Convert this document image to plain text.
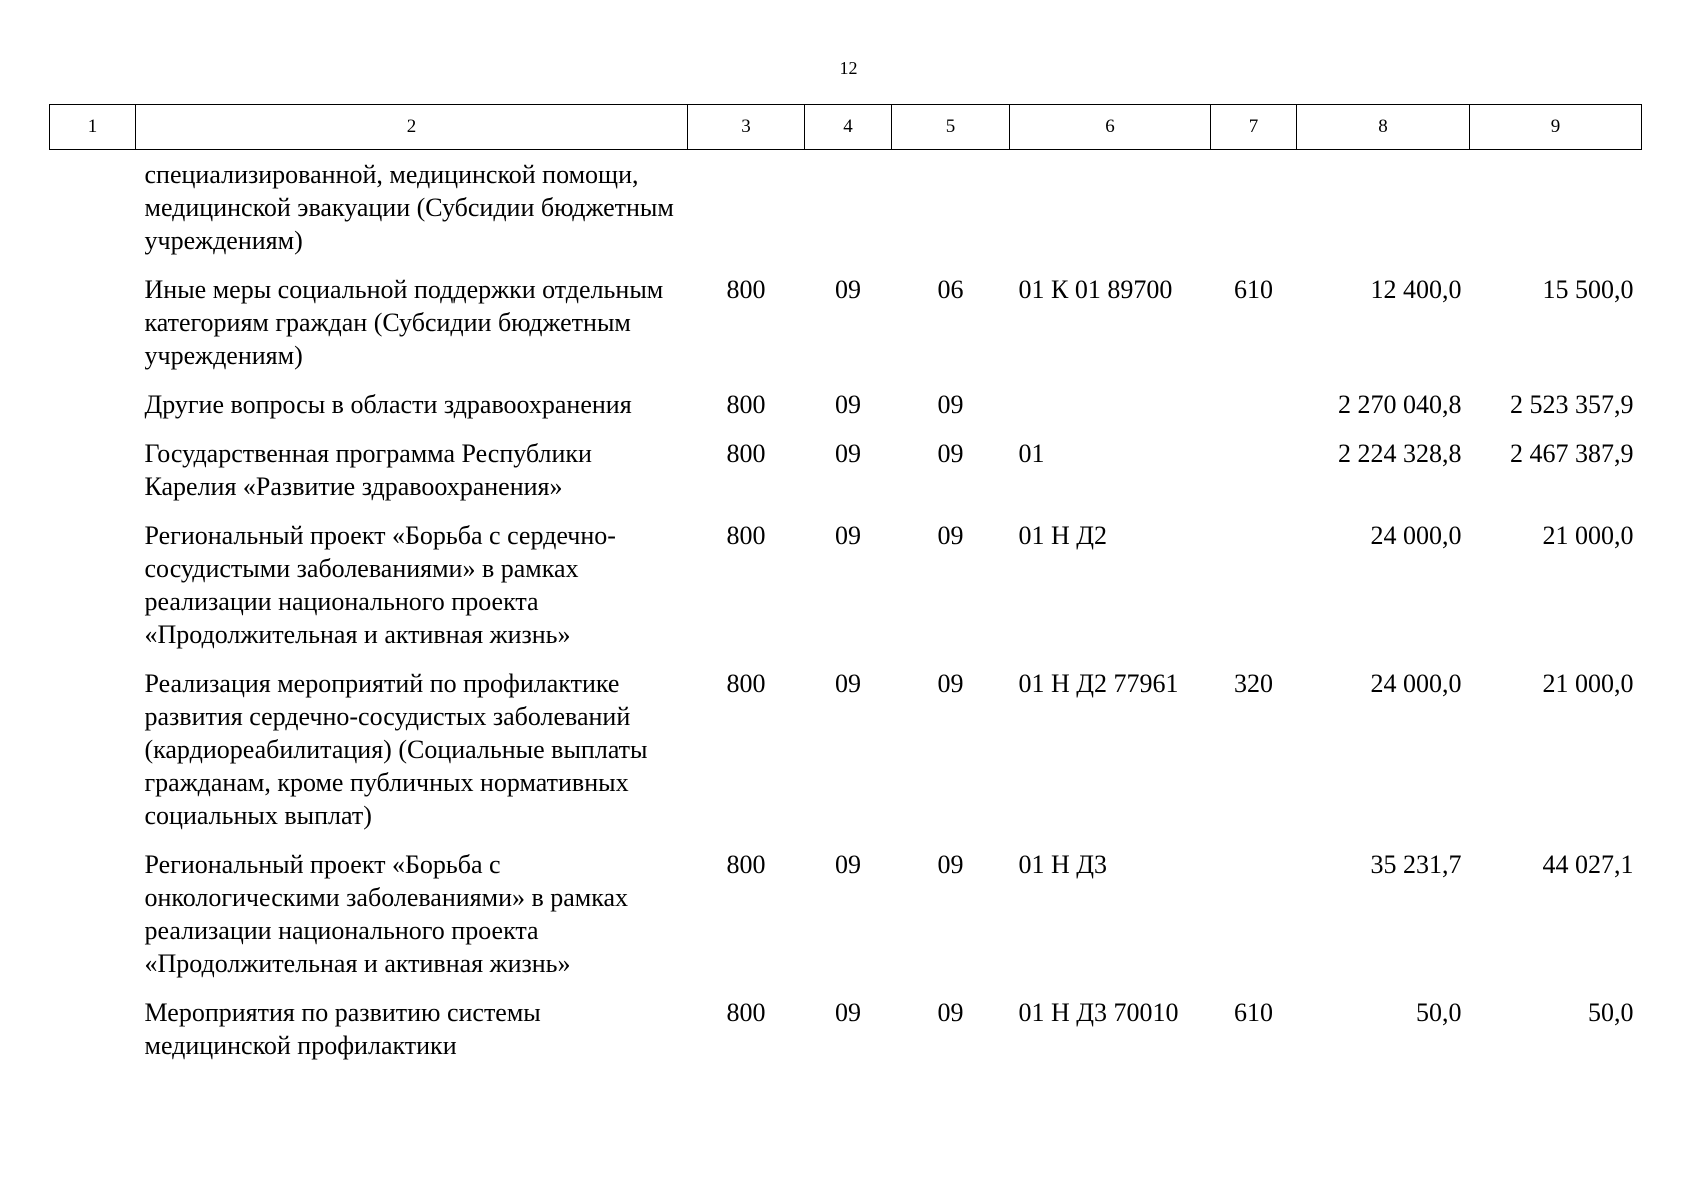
12
1	2	3	4	5	6	7	8	9
	специализированной, медицинской помощи, медицинской эвакуации (Субсидии бюджетным учреждениям)							
	Иные меры социальной поддержки отдельным категориям граждан (Субсидии бюджетным учреждениям)	800	09	06	01 К 01 89700	610	12 400,0	15 500,0
	Другие вопросы в области здравоохранения	800	09	09			2 270 040,8	2 523 357,9
	Государственная программа Республики Карелия «Развитие здравоохранения»	800	09	09	01		2 224 328,8	2 467 387,9
	Региональный проект «Борьба с сердечно-сосудистыми заболеваниями» в рамках реализации национального проекта «Продолжительная и активная жизнь»	800	09	09	01 Н Д2		24 000,0	21 000,0
	Реализация мероприятий по профилактике развития сердечно-сосудистых заболеваний (кардиореабилитация) (Социальные выплаты гражданам, кроме публичных нормативных социальных выплат)	800	09	09	01 Н Д2 77961	320	24 000,0	21 000,0
	Региональный проект «Борьба с онкологическими заболеваниями» в рамках реализации национального проекта «Продолжительная и активная жизнь»	800	09	09	01 Н Д3		35 231,7	44 027,1
	Мероприятия по развитию системы медицинской профилактики	800	09	09	01 Н Д3 70010	610	50,0	50,0
